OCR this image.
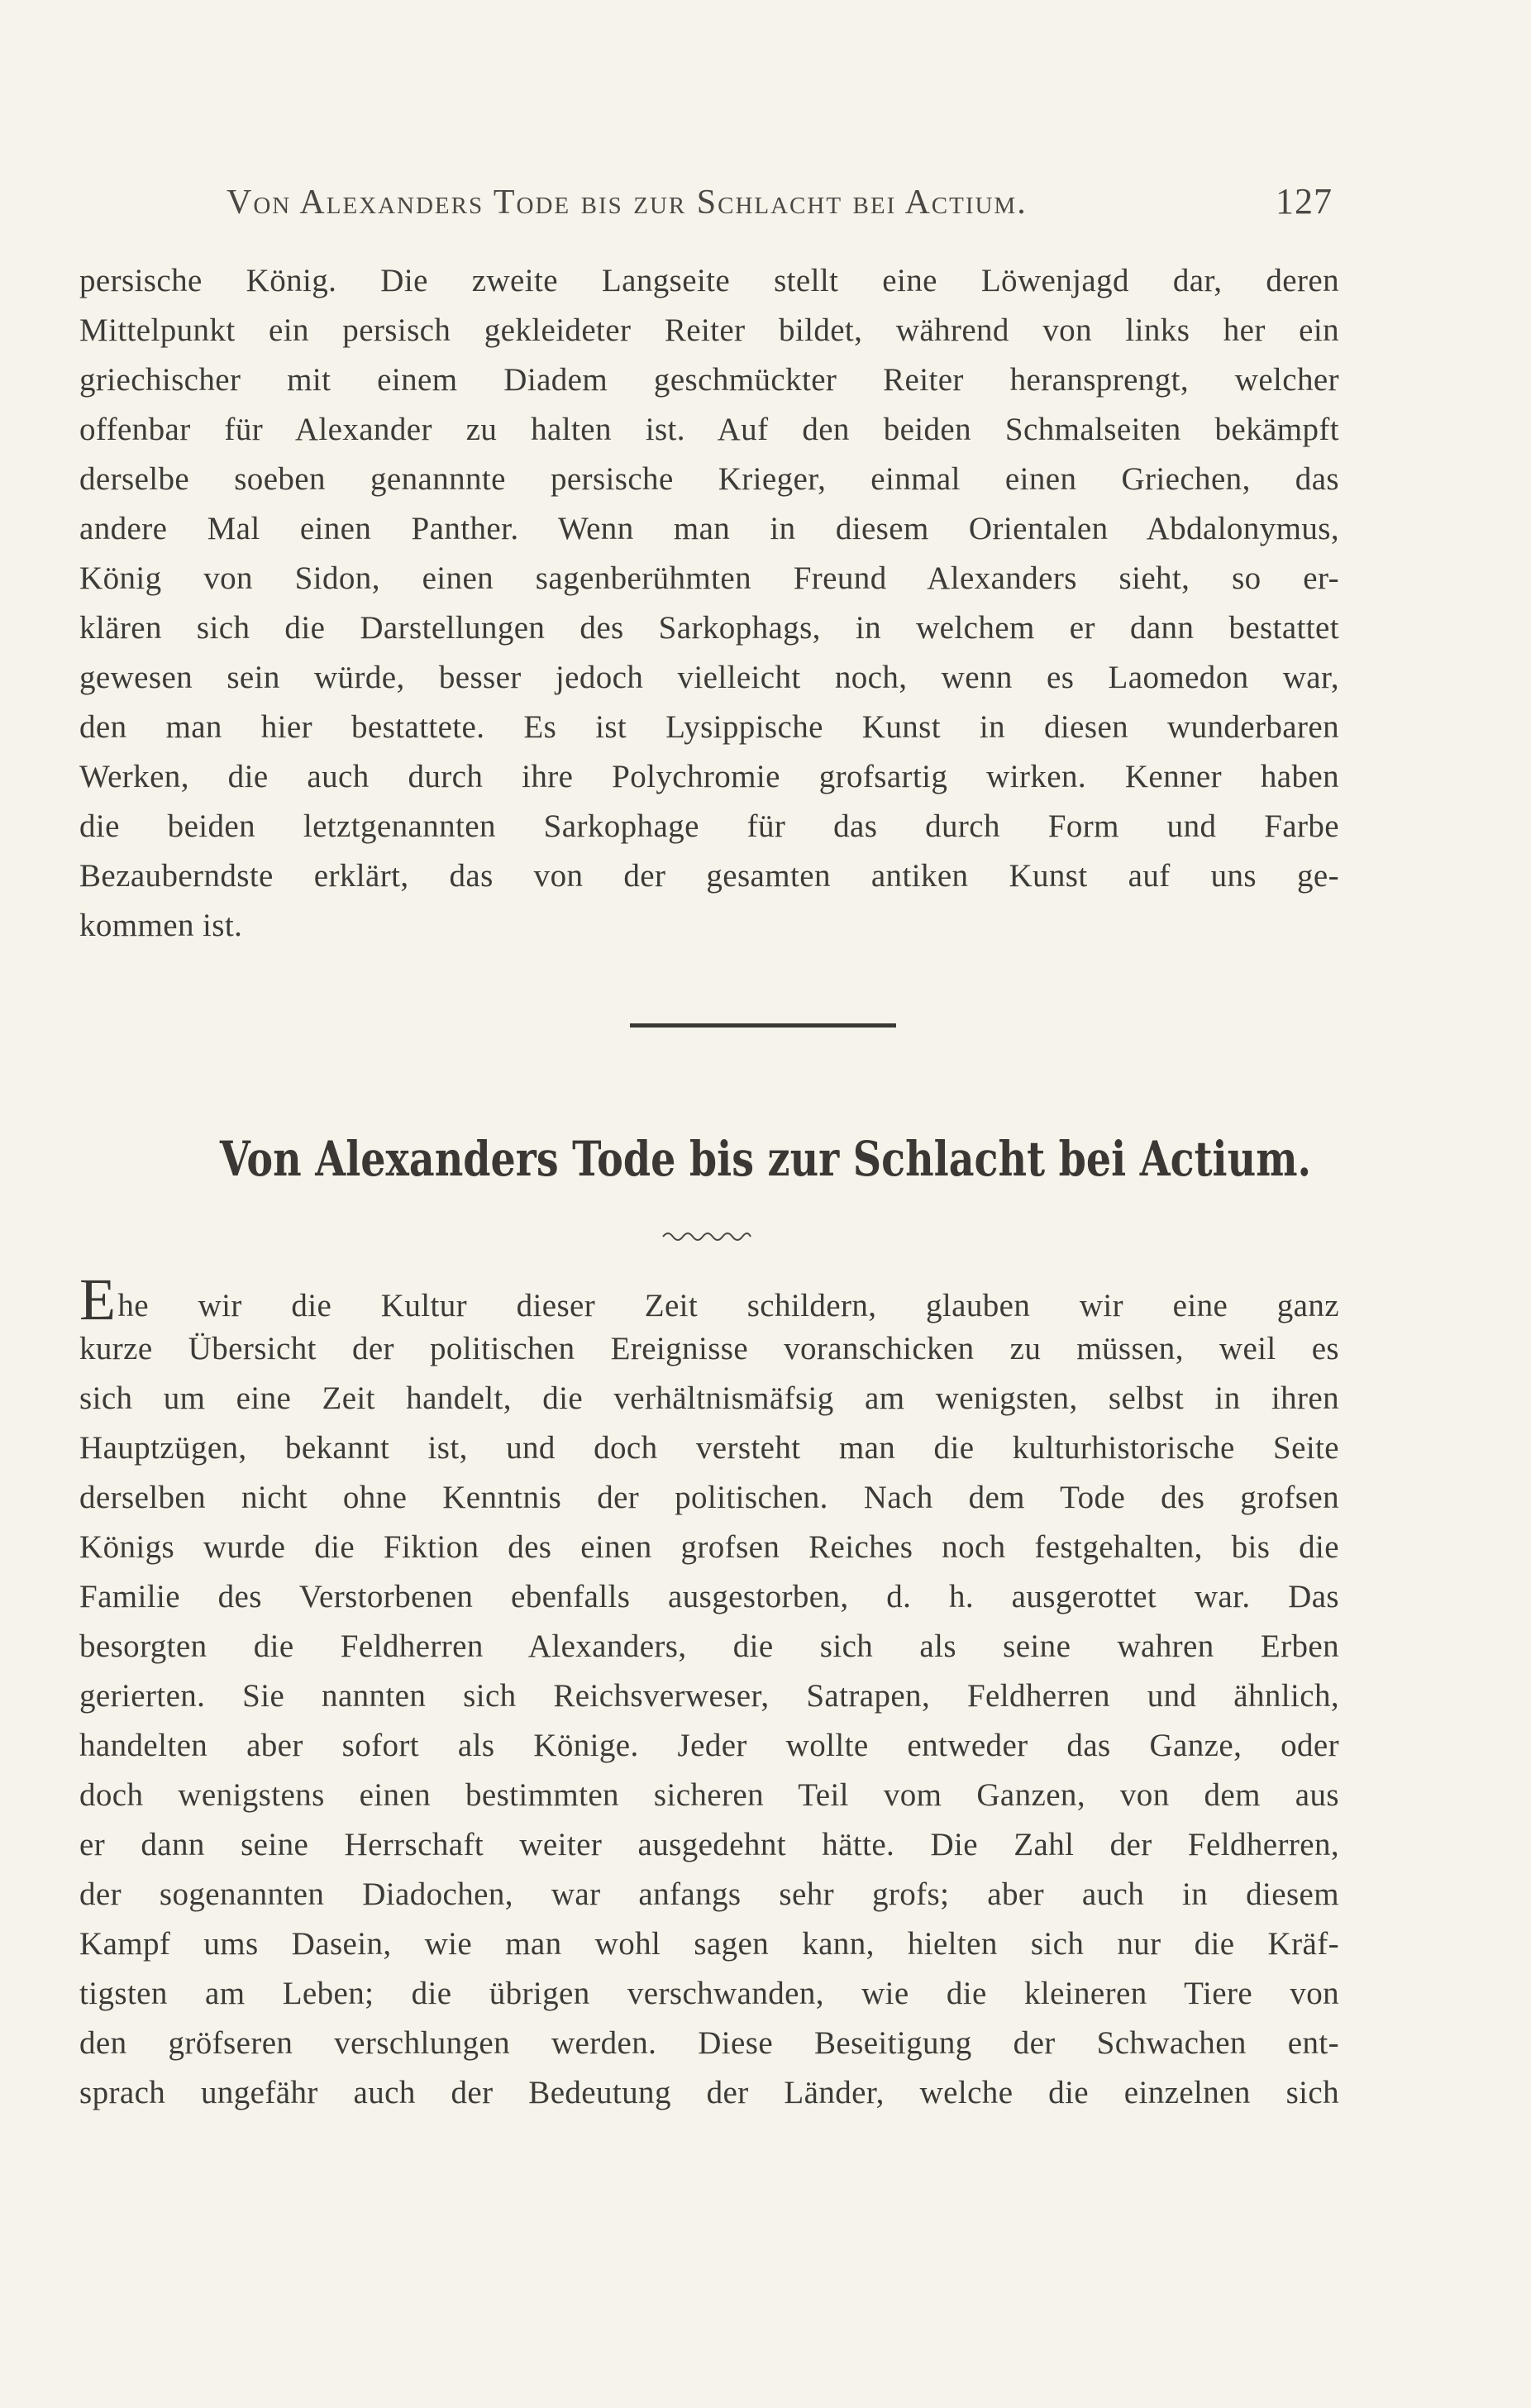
Von Alexanders Tode bis zur Schlacht bei Actium.	127
persische König. Die zweite Langseite stellt eine Löwenjagd dar, deren
Mittelpunkt ein persisch gekleideter Reiter bildet, während von links her ein
griechischer mit einem Diadem geschmückter Reiter heransprengt, welcher
offenbar für Alexander zu halten ist. Auf den beiden Schmalseiten bekämpft
derselbe soeben genannnte persische Krieger, einmal einen Griechen, das
andere Mal einen Panther. Wenn man in diesem Orientalen Abdalonymus,
König von Sidon, einen sagenberühmten Freund Alexanders sieht, so er-
klären sich die Darstellungen des Sarkophags, in welchem er dann bestattet
gewesen sein würde, besser jedoch vielleicht noch, wenn es Laomedon war,
den man hier bestattete. Es ist Lysippische Kunst in diesen wunderbaren
Werken, die auch durch ihre Polychromie grofsartig wirken. Kenner haben
die beiden letztgenannten Sarkophage für das durch Form und Farbe
Bezauberndste erklärt, das von der gesamten antiken Kunst auf uns ge-
kommen ist.
Von Alexanders Tode bis zur Schlacht bei Actium.
Ehe wir die Kultur dieser Zeit schildern, glauben wir eine ganz
kurze Übersicht der politischen Ereignisse voranschicken zu müssen, weil es
sich um eine Zeit handelt, die verhältnismäfsig am wenigsten, selbst in ihren
Hauptzügen, bekannt ist, und doch versteht man die kulturhistorische Seite
derselben nicht ohne Kenntnis der politischen. Nach dem Tode des grofsen
Königs wurde die Fiktion des einen grofsen Reiches noch festgehalten, bis die
Familie des Verstorbenen ebenfalls ausgestorben, d. h. ausgerottet war. Das
besorgten die Feldherren Alexanders, die sich als seine wahren Erben
gerierten. Sie nannten sich Reichsverweser, Satrapen, Feldherren und ähnlich,
handelten aber sofort als Könige. Jeder wollte entweder das Ganze, oder
doch wenigstens einen bestimmten sicheren Teil vom Ganzen, von dem aus
er dann seine Herrschaft weiter ausgedehnt hätte. Die Zahl der Feldherren,
der sogenannten Diadochen, war anfangs sehr grofs; aber auch in diesem
Kampf ums Dasein, wie man wohl sagen kann, hielten sich nur die Kräf-
tigsten am Leben; die übrigen verschwanden, wie die kleineren Tiere von
den gröfseren verschlungen werden. Diese Beseitigung der Schwachen ent-
sprach ungefähr auch der Bedeutung der Länder, welche die einzelnen sich
